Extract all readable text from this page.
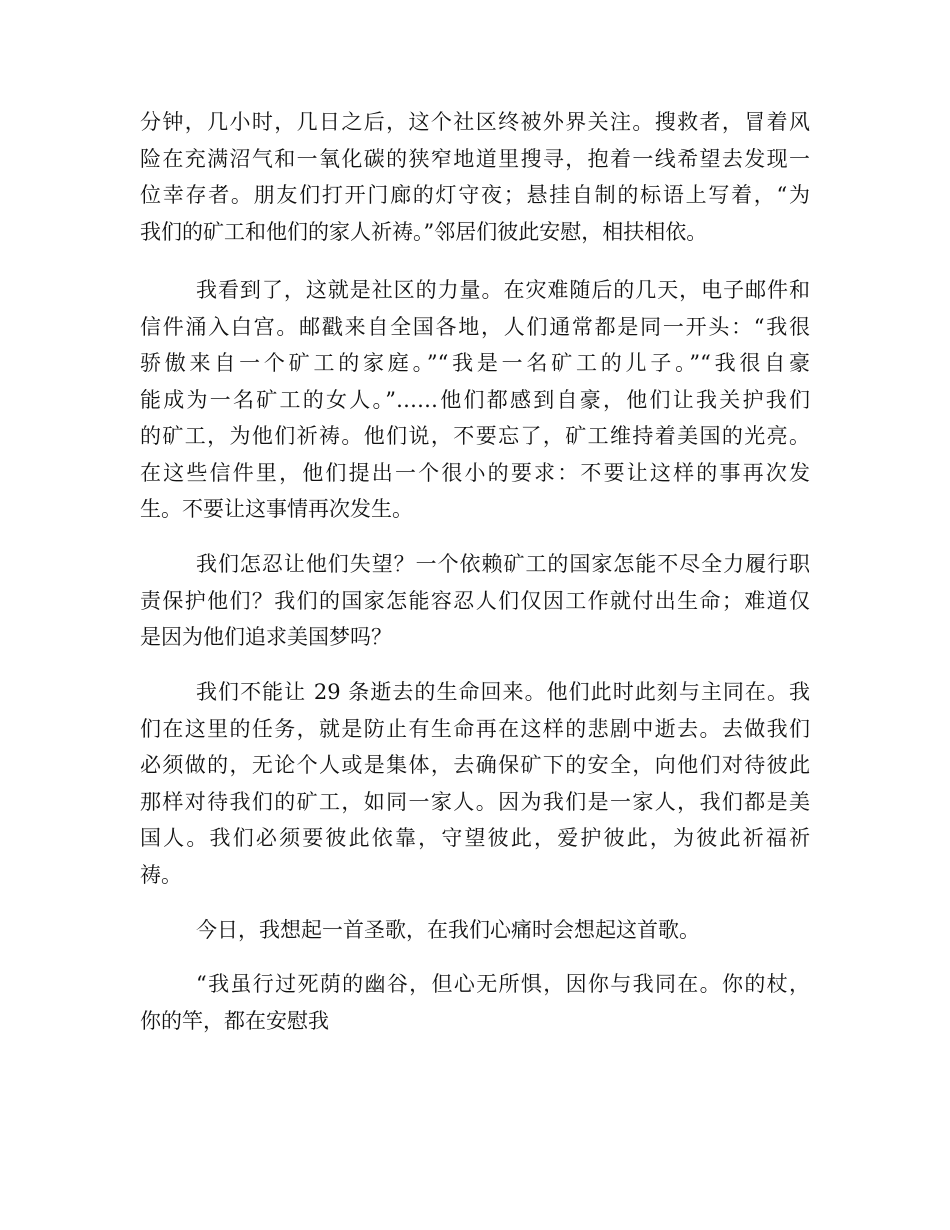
分钟，几小时，几日之后，这个社区终被外界关注。搜救者，冒着风
险在充满沼气和一氧化碳的狭窄地道里搜寻，抱着一线希望去发现一
位幸存者。朋友们打开门廊的灯守夜；悬挂自制的标语上写着，“为
我们的矿工和他们的家人祈祷。”邻居们彼此安慰，相扶相依。

我看到了，这就是社区的力量。在灾难随后的几天，电子邮件和
信件涌入白宫。邮戳来自全国各地，人们通常都是同一开头：“我很
骄傲来自一个矿工的家庭。”“我是一名矿工的儿子。”“我很自豪
能成为一名矿工的女人。”……他们都感到自豪，他们让我关护我们
的矿工，为他们祈祷。他们说，不要忘了，矿工维持着美国的光亮。
在这些信件里，他们提出一个很小的要求：不要让这样的事再次发
生。不要让这事情再次发生。

我们怎忍让他们失望？一个依赖矿工的国家怎能不尽全力履行职
责保护他们？我们的国家怎能容忍人们仅因工作就付出生命；难道仅
是因为他们追求美国梦吗？

我们不能让 29 条逝去的生命回来。他们此时此刻与主同在。我
们在这里的任务，就是防止有生命再在这样的悲剧中逝去。去做我们
必须做的，无论个人或是集体，去确保矿下的安全，向他们对待彼此
那样对待我们的矿工，如同一家人。因为我们是一家人，我们都是美
国人。我们必须要彼此依靠，守望彼此，爱护彼此，为彼此祈福祈
祷。

今日，我想起一首圣歌，在我们心痛时会想起这首歌。

“我虽行过死荫的幽谷，但心无所惧，因你与我同在。你的杖，
你的竿，都在安慰我
